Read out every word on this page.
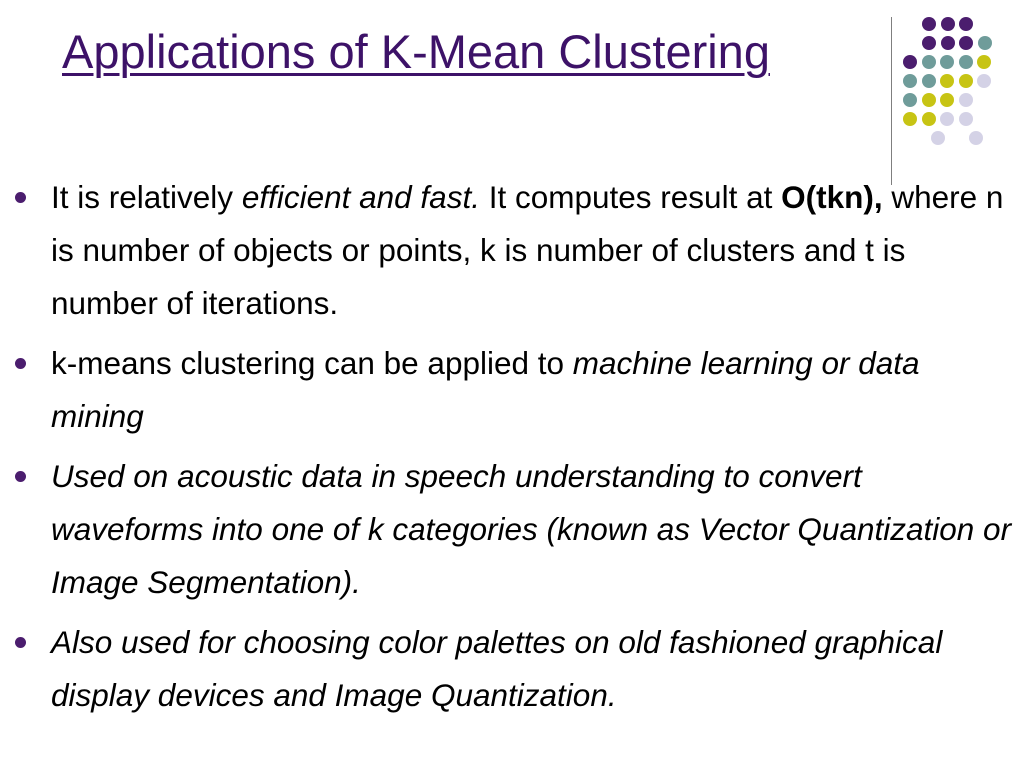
Applications of K-Mean Clustering
It is relatively efficient and fast. It computes result at O(tkn), where n is number of objects or points, k is number of clusters and t is number of iterations.
k-means clustering can be applied to machine learning or data mining
Used on acoustic data in speech understanding to convert waveforms into one of k categories (known as Vector Quantization or Image Segmentation).
Also used for choosing color palettes on old fashioned graphical display devices and Image Quantization.
